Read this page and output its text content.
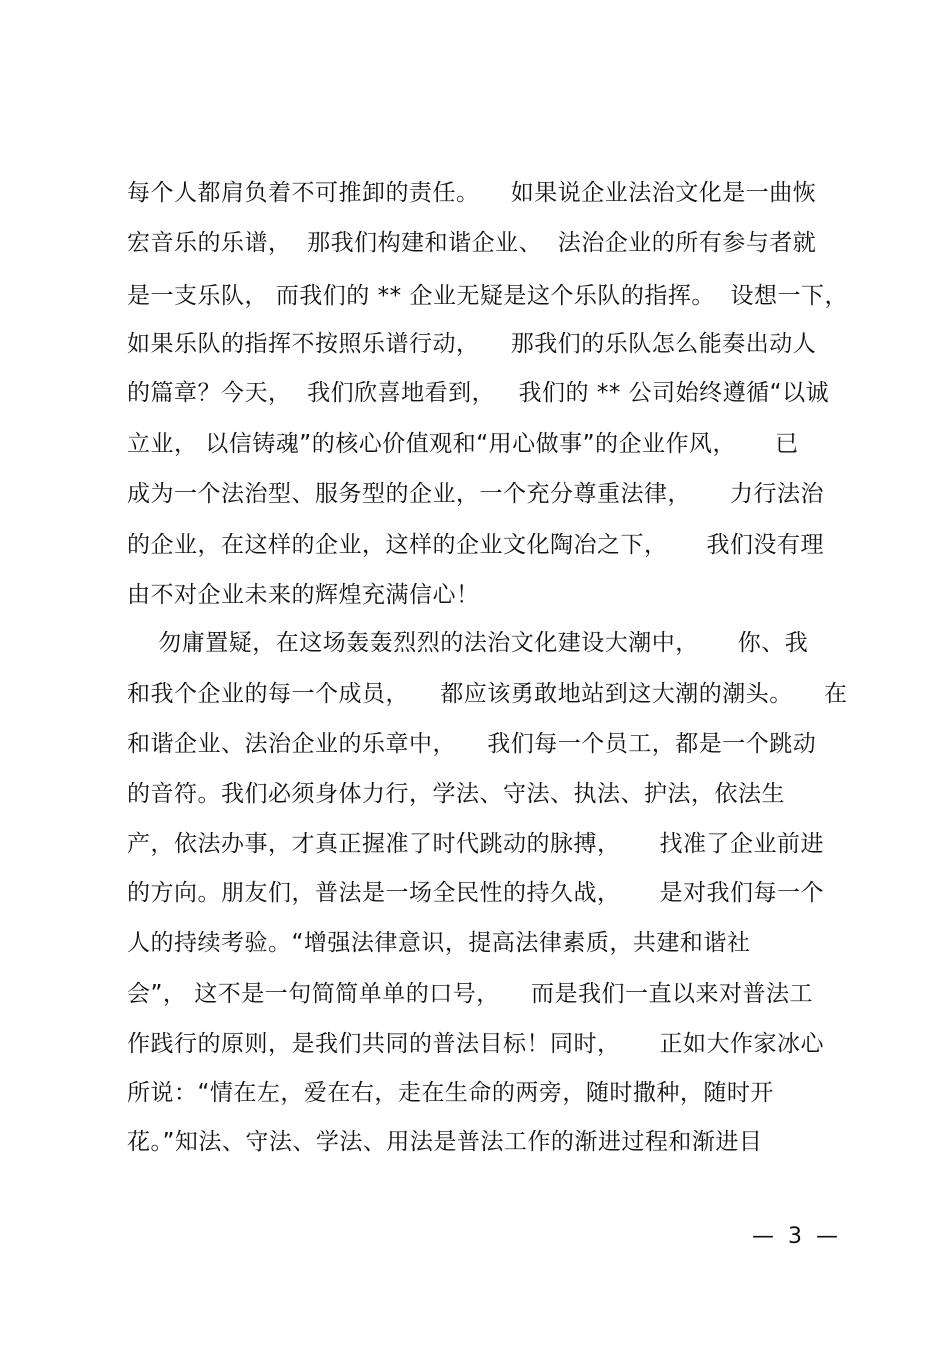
每个人都肩负着不可推卸的责任。    如果说企业法治文化是一曲恢
宏音乐的乐谱，  那我们构建和谐企业、  法治企业的所有参与者就
是一支乐队， 而我们的 ** 企业无疑是这个乐队的指挥。  设想一下，
如果乐队的指挥不按照乐谱行动，    那我们的乐队怎么能奏出动人
的篇章？今天，  我们欣喜地看到，   我们的 ** 公司始终遵循“以诚
立业， 以信铸魂”的核心价值观和“用心做事”的企业作风，     已
成为一个法治型、服务型的企业，一个充分尊重法律，     力行法治
的企业，在这样的企业，这样的企业文化陶冶之下，     我们没有理
由不对企业未来的辉煌充满信心！
勿庸置疑，在这场轰轰烈烈的法治文化建设大潮中，     你、我
和我个企业的每一个成员，    都应该勇敢地站到这大潮的潮头。    在
和谐企业、法治企业的乐章中，    我们每一个员工，都是一个跳动
的音符。我们必须身体力行，学法、守法、执法、护法，依法生
产，依法办事，才真正握准了时代跳动的脉搏，     找准了企业前进
的方向。朋友们，普法是一场全民性的持久战，     是对我们每一个
人的持续考验。“增强法律意识，提高法律素质，共建和谐社
会”， 这不是一句简简单单的口号，    而是我们一直以来对普法工
作践行的原则，是我们共同的普法目标！同时，     正如大作家冰心
所说：“情在左，爱在右，走在生命的两旁，随时撒种，随时开
花。”知法、守法、学法、用法是普法工作的渐进过程和渐进目
—  3  —
